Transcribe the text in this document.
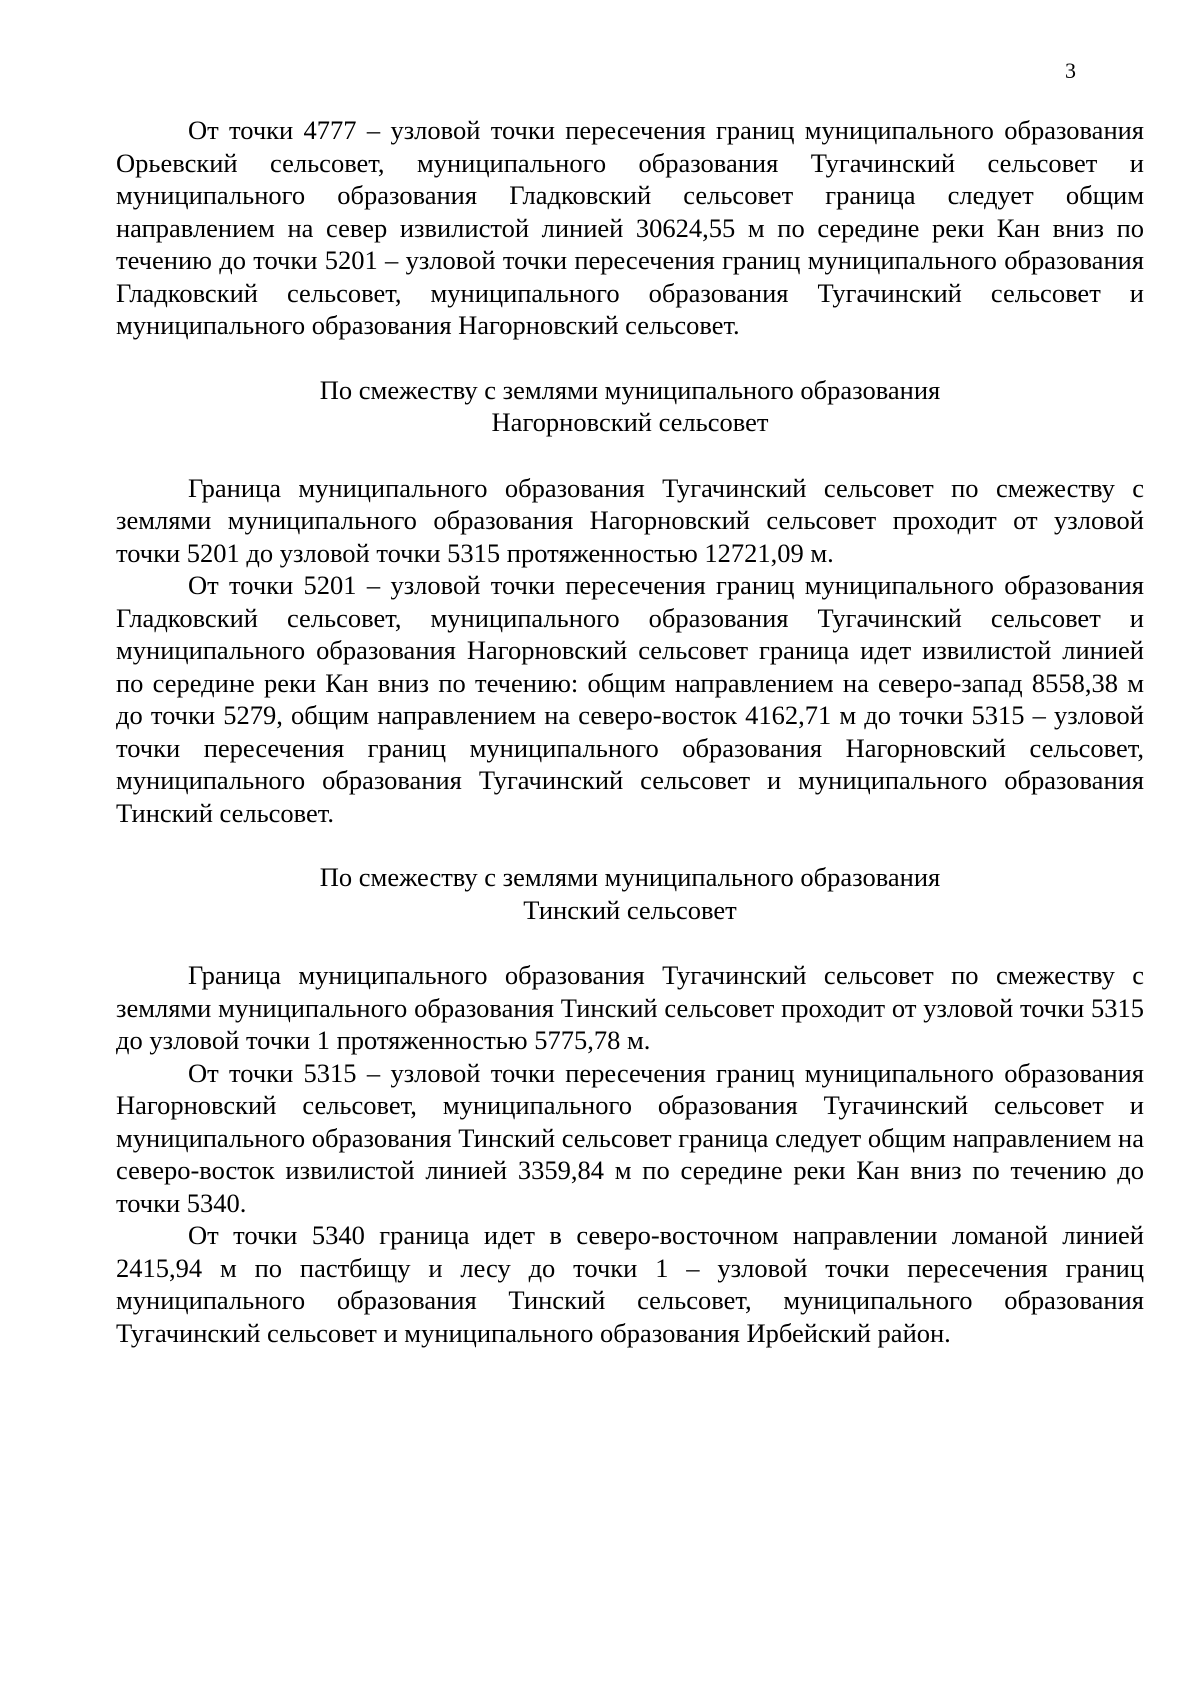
3

От точки 4777 – узловой точки пересечения границ муниципального образования Орьевский сельсовет, муниципального образования Тугачинский сельсовет и муниципального образования Гладковский сельсовет граница следует общим направлением на север извилистой линией 30624,55 м по середине реки Кан вниз по течению до точки 5201 – узловой точки пересечения границ муниципального образования Гладковский сельсовет, муниципального образования Тугачинский сельсовет и муниципального образования Нагорновский сельсовет.

По смежеству с землями муниципального образования
Нагорновский сельсовет

Граница муниципального образования Тугачинский сельсовет по смежеству с землями муниципального образования Нагорновский сельсовет проходит от узловой точки 5201 до узловой точки 5315 протяженностью 12721,09 м.

От точки 5201 – узловой точки пересечения границ муниципального образования Гладковский сельсовет, муниципального образования Тугачинский сельсовет и муниципального образования Нагорновский сельсовет граница идет извилистой линией по середине реки Кан вниз по течению: общим направлением на северо-запад 8558,38 м до точки 5279, общим направлением на северо-восток 4162,71 м до точки 5315 – узловой точки пересечения границ муниципального образования Нагорновский сельсовет, муниципального образования Тугачинский сельсовет и муниципального образования Тинский сельсовет.

По смежеству с землями муниципального образования
Тинский сельсовет

Граница муниципального образования Тугачинский сельсовет по смежеству с землями муниципального образования Тинский сельсовет проходит от узловой точки 5315 до узловой точки 1 протяженностью 5775,78 м.

От точки 5315 – узловой точки пересечения границ муниципального образования Нагорновский сельсовет, муниципального образования Тугачинский сельсовет и муниципального образования Тинский сельсовет граница следует общим направлением на северо-восток извилистой линией 3359,84 м по середине реки Кан вниз по течению до точки 5340.

От точки 5340 граница идет в северо-восточном направлении ломаной линией 2415,94 м по пастбищу и лесу до точки 1 – узловой точки пересечения границ муниципального образования Тинский сельсовет, муниципального образования Тугачинский сельсовет и муниципального образования Ирбейский район.
